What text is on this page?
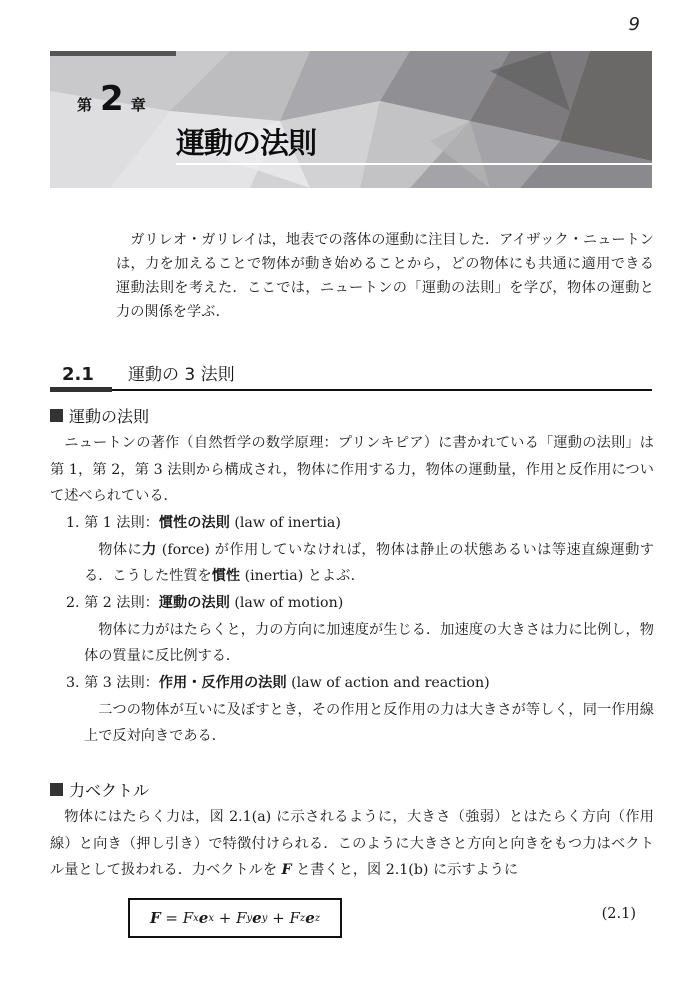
9
第 2 章
運動の法則

ガリレオ・ガリレイは，地表での落体の運動に注目した．アイザック・ニュートンは，力を加えることで物体が動き始めることから，どの物体にも共通に適用できる運動法則を考えた．ここでは，ニュートンの「運動の法則」を学び，物体の運動と力の関係を学ぶ．

2.1	運動の 3 法則
運動の法則

ニュートンの著作（自然哲学の数学原理：プリンキピア）に書かれている「運動の法則」は第 1，第 2，第 3 法則から構成され，物体に作用する力，物体の運動量，作用と反作用について述べられている．

1. 第 1 法則：慣性の法則 (law of inertia)
物体に力 (force) が作用していなければ，物体は静止の状態あるいは等速直線運動する．こうした性質を慣性 (inertia) とよぶ．
2. 第 2 法則：運動の法則 (law of motion)
物体に力がはたらくと，力の方向に加速度が生じる．加速度の大きさは力に比例し，物体の質量に反比例する．
3. 第 3 法則：作用・反作用の法則 (law of action and reaction)
二つの物体が互いに及ぼすとき，その作用と反作用の力は大きさが等しく，同一作用線上で反対向きである．
力ベクトル

物体にはたらく力は，図 2.1(a) に示されるように，大きさ（強弱）とはたらく方向（作用線）と向き（押し引き）で特徴付けられる．このように大きさと方向と向きをもつ力はベクトル量として扱われる．力ベクトルを F と書くと，図 2.1(b) に示すように

F = F x e x + F y e y + F z e z	(2.1)
